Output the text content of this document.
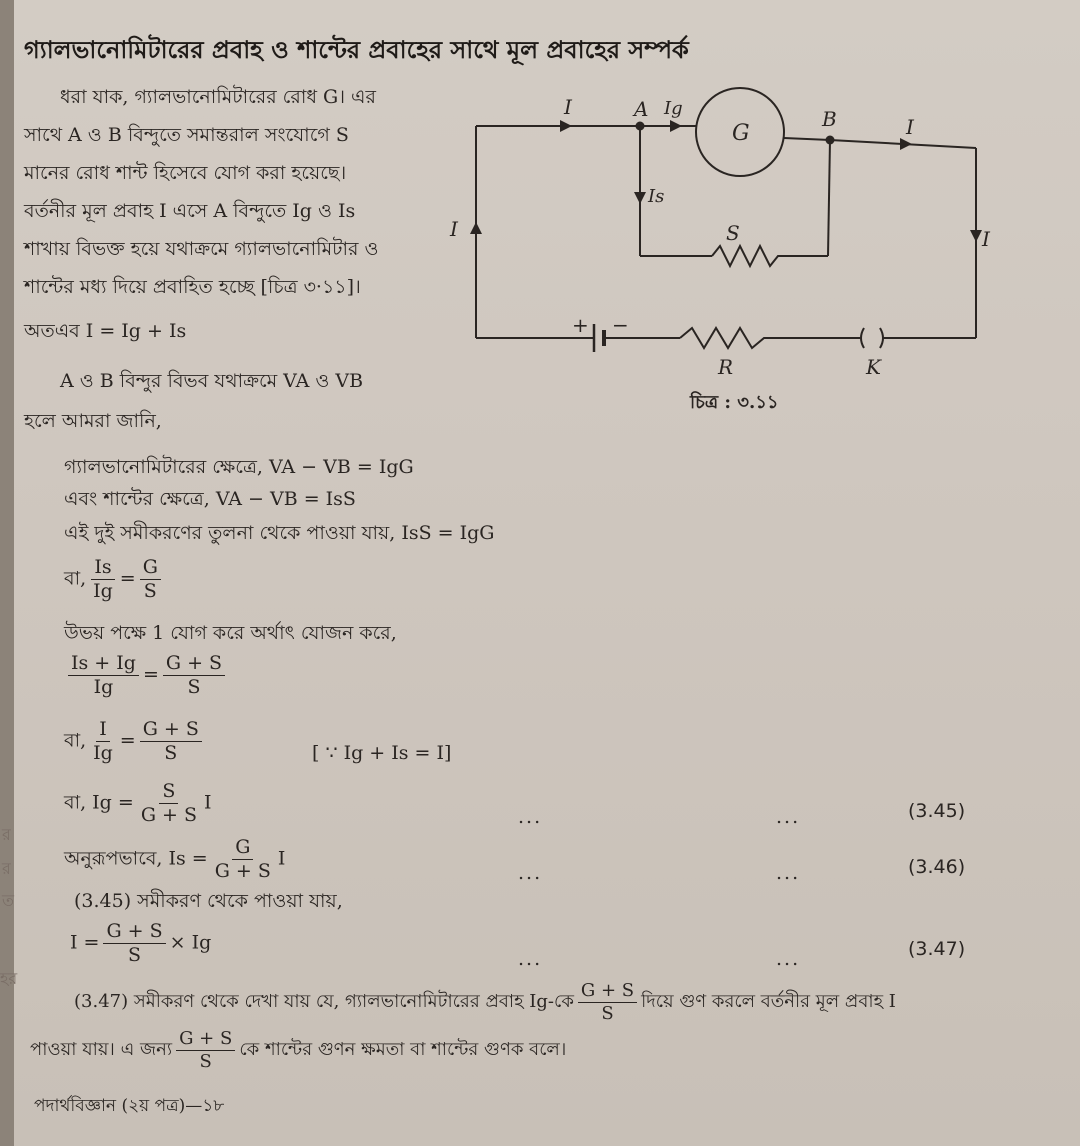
গ্যালভানোমিটারের প্রবাহ ও শান্টের প্রবাহের সাথে মূল প্রবাহের সম্পর্ক
ধরা যাক, গ্যালভানোমিটারের রোধ G। এর
সাথে A ও B বিন্দুতে সমান্তরাল সংযোগে S
মানের রোধ শান্ট হিসেবে যোগ করা হয়েছে।
বর্তনীর মূল প্রবাহ I এসে A বিন্দুতে Ig ও Is
শাখায় বিভক্ত হয়ে যথাক্রমে গ্যালভানোমিটার ও
শান্টের মধ্য দিয়ে প্রবাহিত হচ্ছে [চিত্র ৩·১১]।
অতএব I = Ig + Is
A ও B বিন্দুর বিভব যথাক্রমে VA ও VB
হলে আমরা জানি,
I	A Ig
G
B	I
Is
I	S	I
+ −
R	K
চিত্র : ৩.১১
গ্যালভানোমিটারের ক্ষেত্রে, VA − VB = IgG
এবং শান্টের ক্ষেত্রে, VA − VB = IsS
এই দুই সমীকরণের তুলনা থেকে পাওয়া যায়, IsS = IgG
বা, $\frac{Is}{Ig} = \frac{G}{S}$
উভয় পক্ষে 1 যোগ করে অর্থাৎ যোজন করে,
$\frac{Is + Ig}{Ig} = \frac{G + S}{S}$
বা, $\frac{I}{Ig} = \frac{G + S}{S}$	[ ∵ Ig + Is = I]
বা, $Ig = \frac{S}{G + S}$ I
...	...	(3.45)
অনুরূপভাবে, $Is = \frac{G}{G + S}$ I
...	...	(3.46)
(3.45) সমীকরণ থেকে পাওয়া যায়,
$I = \frac{G + S}{S} \times Ig$
...	...	(3.47)
(3.47) সমীকরণ থেকে দেখা যায় যে, গ্যালভানোমিটারের প্রবাহ Ig-কে $\frac{G + S}{S}$ দিয়ে গুণ করলে বর্তনীর মূল প্রবাহ I
পাওয়া যায়। এ জন্য $\frac{G + S}{S}$ কে শান্টের গুণন ক্ষমতা বা শান্টের গুণক বলে।
পদার্থবিজ্ঞান (২য় পত্র)—১৮
র
র
ত
হর
